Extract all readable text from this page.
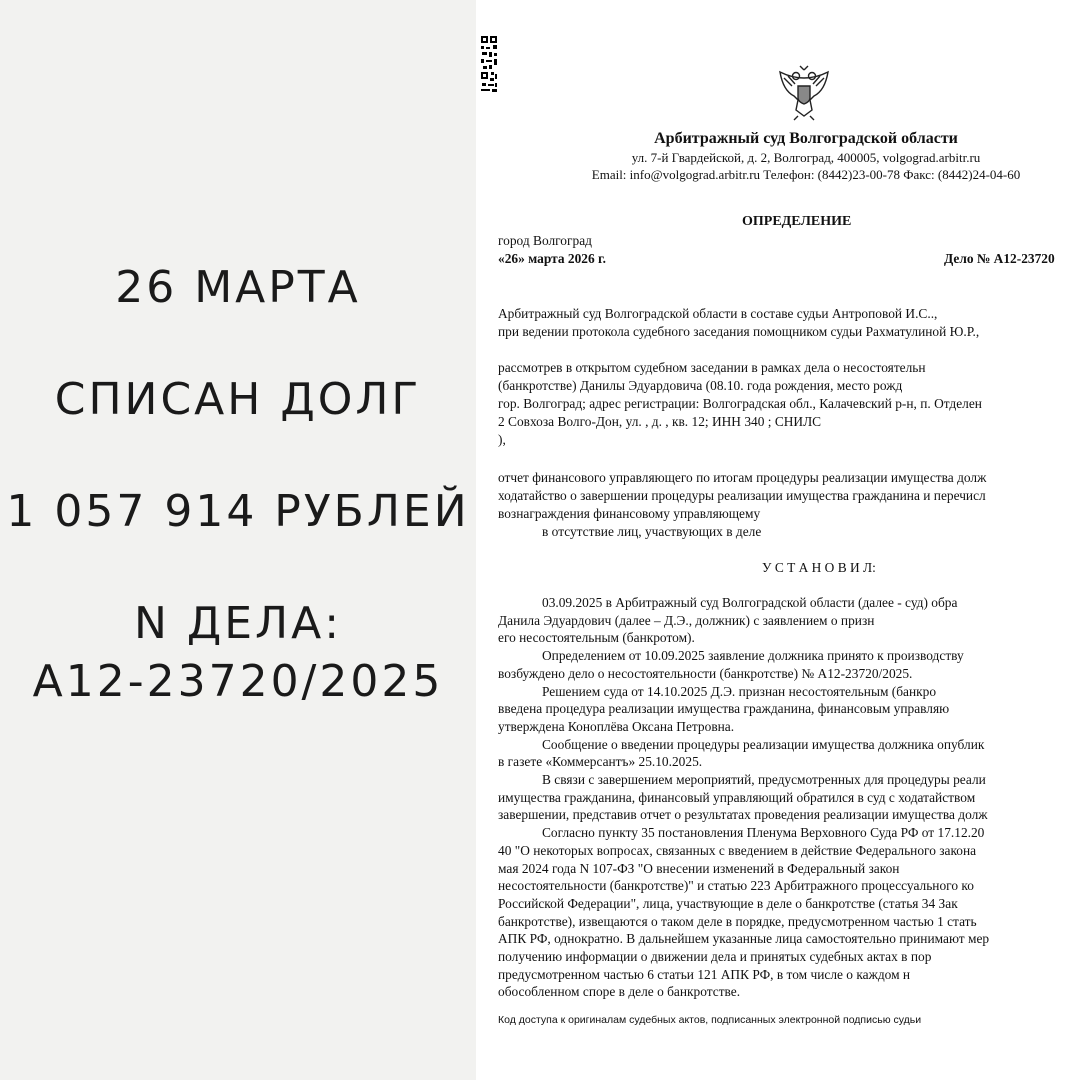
26 МАРТА
СПИСАН ДОЛГ
1 057 914 РУБЛЕЙ
N ДЕЛА:
А12-23720/2025
Арбитражный суд Волгоградской области
ул. 7-й Гвардейской, д. 2, Волгоград, 400005, volgograd.arbitr.ru
Email: info@volgograd.arbitr.ru Телефон: (8442)23-00-78 Факс: (8442)24-04-60
ОПРЕДЕЛЕНИЕ
город Волгоград
«26» марта 2026 г.	Дело № А12-23720
Арбитражный суд Волгоградской области в составе судьи Антроповой И.С..,
при ведении протокола судебного заседания помощником судьи Рахматулиной Ю.Р.,
рассмотрев в открытом судебном заседании в рамках дела о несостоятельн
(банкротстве) Данилы Эдуардовича (08.10. года рождения, место рожд
гор. Волгоград; адрес регистрации: Волгоградская обл., Калачевский р-н, п. Отделен
2 Совхоза Волго-Дон, ул. , д. , кв. 12; ИНН 340 ; СНИЛС
),
отчет финансового управляющего по итогам процедуры реализации имущества долж
ходатайство о завершении процедуры реализации имущества гражданина и перечисл
вознаграждения финансовому управляющему
в отсутствие лиц, участвующих в деле
У С Т А Н О В И Л:
03.09.2025 в Арбитражный суд Волгоградской области (далее - суд) обра
Данила Эдуардович (далее – Д.Э., должник) с заявлением о призн
его несостоятельным (банкротом).
Определением от 10.09.2025 заявление должника принято к производству
возбуждено дело о несостоятельности (банкротстве) № А12-23720/2025.
Решением суда от 14.10.2025 Д.Э. признан несостоятельным (банкро
введена процедура реализации имущества гражданина, финансовым управляю
утверждена Коноплёва Оксана Петровна.
Сообщение о введении процедуры реализации имущества должника опублик
в газете «Коммерсантъ» 25.10.2025.
В связи с завершением мероприятий, предусмотренных для процедуры реали
имущества гражданина, финансовый управляющий обратился в суд с ходатайством
завершении, представив отчет о результатах проведения реализации имущества долж
Согласно пункту 35 постановления Пленума Верховного Суда РФ от 17.12.20
40 "О некоторых вопросах, связанных с введением в действие Федерального закона
мая 2024 года N 107-ФЗ "О внесении изменений в Федеральный закон
несостоятельности (банкротстве)" и статью 223 Арбитражного процессуального ко
Российской Федерации", лица, участвующие в деле о банкротстве (статья 34 Зак
банкротстве), извещаются о таком деле в порядке, предусмотренном частью 1 стать
АПК РФ, однократно. В дальнейшем указанные лица самостоятельно принимают мер
получению информации о движении дела и принятых судебных актах в пор
предусмотренном частью 6 статьи 121 АПК РФ, в том числе о каждом н
обособленном споре в деле о банкротстве.
Код доступа к оригиналам судебных актов, подписанных электронной подписью судьи
